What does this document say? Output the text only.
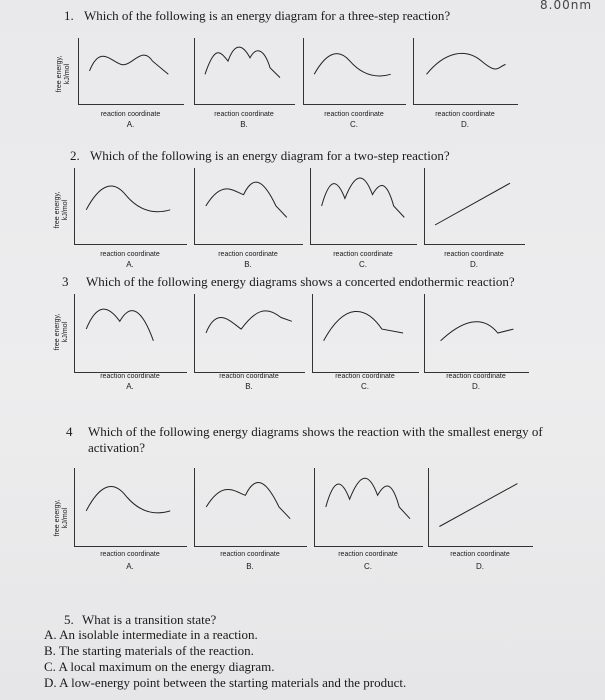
8.00nm
1. Which of the following is an energy diagram for a three-step reaction?
2. Which of the following is an energy diagram for a two-step reaction?
3 Which of the following energy diagrams shows a concerted endothermic reaction?
4 Which of the following energy diagrams shows the reaction with the smallest energy of activation?
5. What is a transition state?
A. An isolable intermediate in a reaction.
B. The starting materials of the reaction.
C. A local maximum on the energy diagram.
D. A low-energy point between the starting materials and the product.
free energy,
kJ/mol
reaction coordinate
A.
reaction coordinate
B.
reaction coordinate
C.
reaction coordinate
D.
free energy,
kJ/mol
reaction coordinate
A.
reaction coordinate
B.
reaction coordinate
C.
reaction coordinate
D.
free energy,
kJ/mol
reaction coordinate
A.
reaction coordinate
B.
reaction coordinate
C.
reaction coordinate
D.
free energy,
kJ/mol
reaction coordinate
A.
reaction coordinate
B.
reaction coordinate
C.
reaction coordinate
D.
